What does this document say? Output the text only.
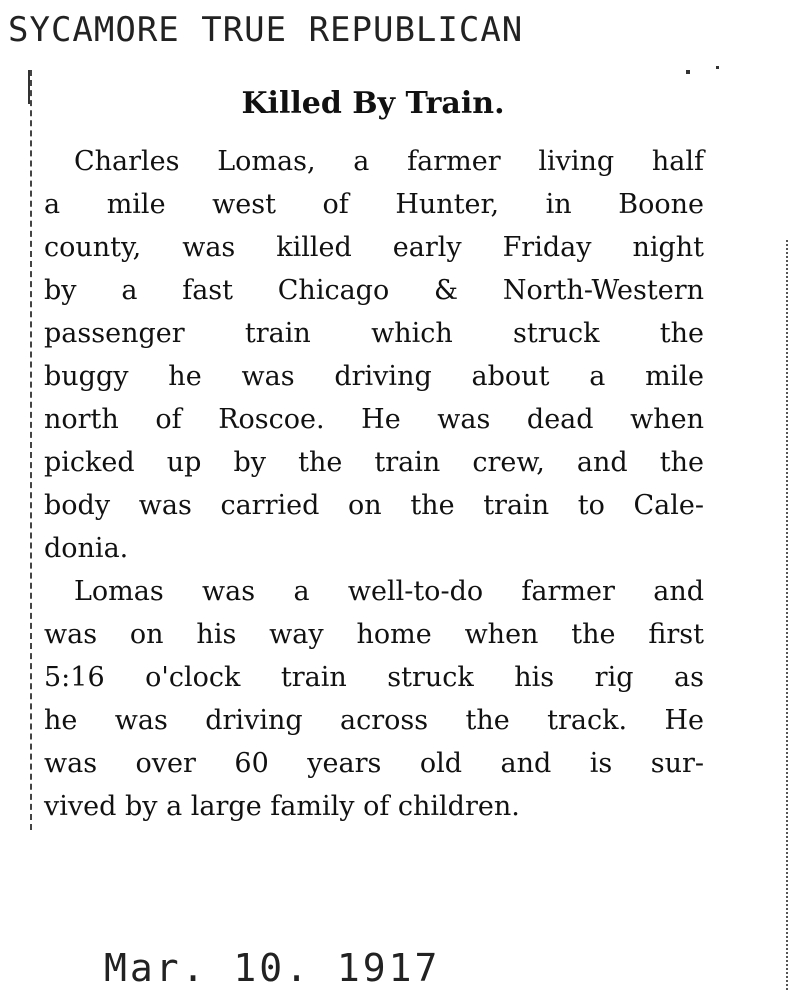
SYCAMORE TRUE REPUBLICAN
Killed By Train.

Charles Lomas, a farmer living half
a mile west of Hunter, in Boone
county, was killed early Friday night
by a fast Chicago & North-Western
passenger train which struck the
buggy he was driving about a mile
north of Roscoe. He was dead when
picked up by the train crew, and the
body was carried on the train to Cale-
donia.

Lomas was a well-to-do farmer and
was on his way home when the first
5:16 o'clock train struck his rig as
he was driving across the track. He
was over 60 years old and is sur-
vived by a large family of children.

Mar. 10. 1917
